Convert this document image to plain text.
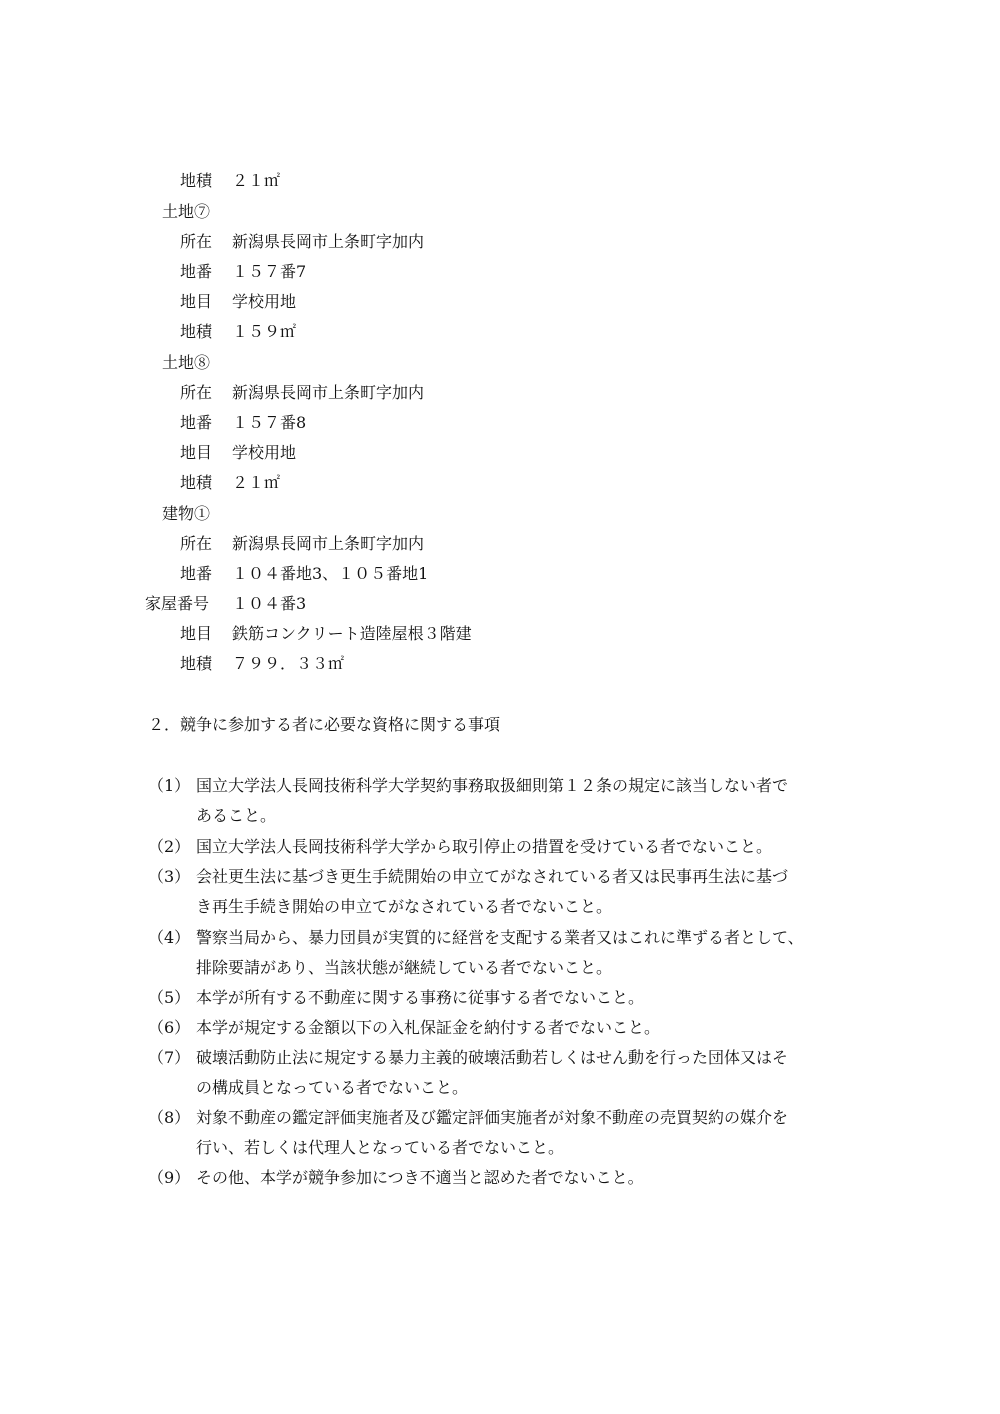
地積 ２１㎡
土地⑦
所在 新潟県長岡市上条町字加内
地番 １５７番7
地目 学校用地
地積 １５９㎡
土地⑧
所在 新潟県長岡市上条町字加内
地番 １５７番8
地目 学校用地
地積 ２１㎡
建物①
所在 新潟県長岡市上条町字加内
地番 １０４番地3、１０５番地1
家屋番号 １０４番3
地目 鉄筋コンクリート造陸屋根３階建
地積 ７９９．３３㎡
２．競争に参加する者に必要な資格に関する事項
（1） 国立大学法人長岡技術科学大学契約事務取扱細則第１２条の規定に該当しない者で
あること。
（2） 国立大学法人長岡技術科学大学から取引停止の措置を受けている者でないこと。
（3） 会社更生法に基づき更生手続開始の申立てがなされている者又は民事再生法に基づ
き再生手続き開始の申立てがなされている者でないこと。
（4） 警察当局から、暴力団員が実質的に経営を支配する業者又はこれに準ずる者として、
排除要請があり、当該状態が継続している者でないこと。
（5） 本学が所有する不動産に関する事務に従事する者でないこと。
（6） 本学が規定する金額以下の入札保証金を納付する者でないこと。
（7） 破壊活動防止法に規定する暴力主義的破壊活動若しくはせん動を行った団体又はそ
の構成員となっている者でないこと。
（8） 対象不動産の鑑定評価実施者及び鑑定評価実施者が対象不動産の売買契約の媒介を
行い、若しくは代理人となっている者でないこと。
（9） その他、本学が競争参加につき不適当と認めた者でないこと。
